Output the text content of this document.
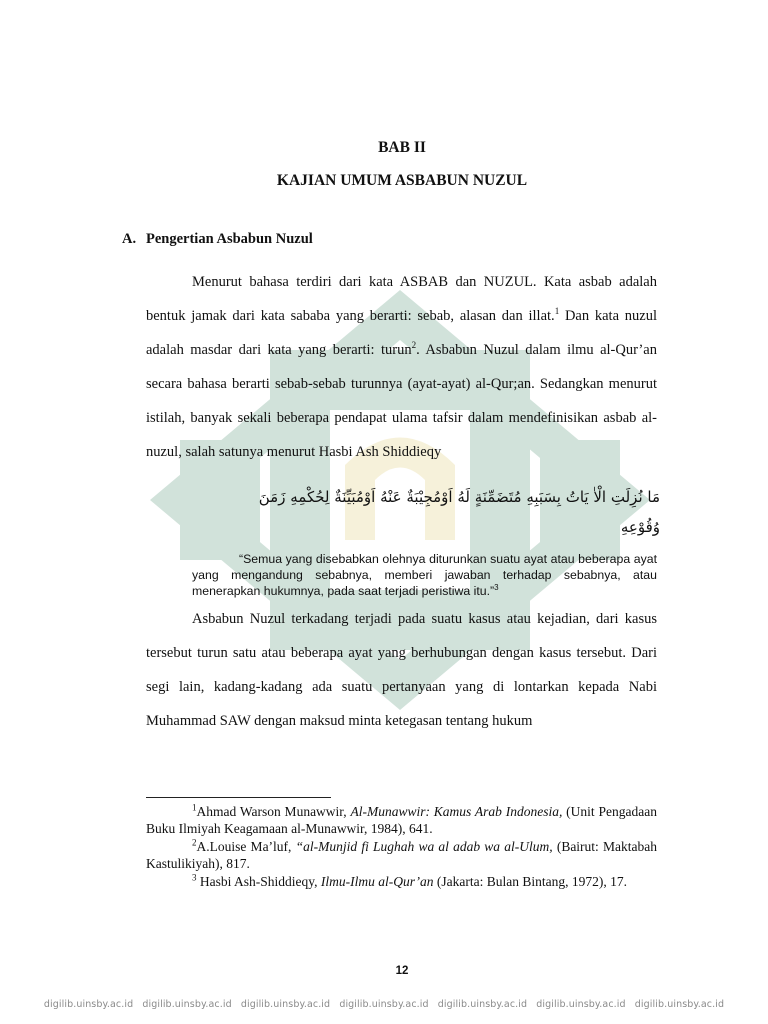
BAB II
KAJIAN UMUM ASBABUN NUZUL
A. Pengertian Asbabun Nuzul
Menurut bahasa terdiri dari kata ASBAB dan NUZUL. Kata asbab adalah bentuk jamak dari kata sababa yang berarti: sebab, alasan dan illat.$^1$ Dan kata nuzul adalah masdar dari kata yang berarti: turun$^2$. Asbabun Nuzul dalam ilmu al-Qur’an secara bahasa berarti sebab-sebab turunnya (ayat-ayat) al-Qur;an. Sedangkan menurut istilah, banyak sekali beberapa pendapat ulama tafsir dalam mendefinisikan asbab al-nuzul, salah satunya menurut Hasbi Ash Shiddieqy
مَا نُزِلَتِ الْاٰ يَاتُ بِسَبَبِهِ مُتَضَمِّنَةٍ لَهُ اَوْمُجِيْبَةٌ عَنْهُ اَوْمُبَيِّنَةٌ لِحُكْمِهِ زَمَنَ وُقُوْعِهِ
“Semua yang disebabkan olehnya diturunkan suatu ayat atau beberapa ayat yang mengandung sebabnya, memberi jawaban terhadap sebabnya, atau menerapkan hukumnya, pada saat terjadi peristiwa itu.”$^3$
Asbabun Nuzul terkadang terjadi pada suatu kasus atau kejadian, dari kasus tersebut turun satu atau beberapa ayat yang berhubungan dengan kasus tersebut. Dari segi lain, kadang-kadang ada suatu pertanyaan yang di lontarkan kepada Nabi Muhammad SAW dengan maksud minta ketegasan tentang hukum
$^1$Ahmad Warson Munawwir, Al-Munawwir: Kamus Arab Indonesia, (Unit Pengadaan Buku Ilmiyah Keagamaan al-Munawwir, 1984), 641.
$^2$A.Louise Ma’luf, “al-Munjid fi Lughah wa al adab wa al-Ulum, (Bairut: Maktabah Kastulikiyah), 817.
$^3$ Hasbi Ash-Shiddieqy, Ilmu-Ilmu al-Qur’an (Jakarta: Bulan Bintang, 1972), 17.
12
digilib.uinsby.ac.id digilib.uinsby.ac.id digilib.uinsby.ac.id digilib.uinsby.ac.id digilib.uinsby.ac.id digilib.uinsby.ac.id digilib.uinsby.ac.id
